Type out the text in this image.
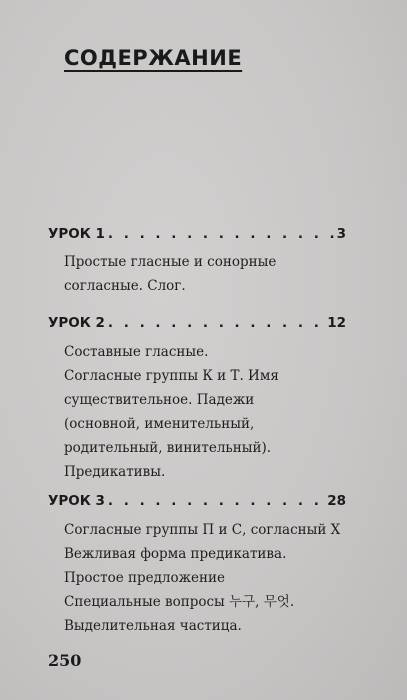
СОДЕРЖАНИЕ
УРОК 1 . . .	3
Простые гласные и сонорные
согласные. Слог.
УРОК 2 . . .	12
Составные гласные.
Согласные группы К и Т. Имя
существительное. Падежи
(основной, именительный,
родительный, винительный).
Предикативы.
УРОК 3 . . .	28
Согласные группы П и С, согласный Х
Вежливая форма предикатива.
Простое предложение
Специальные вопросы 누구, 무엇.
Выделительная частица.
250
